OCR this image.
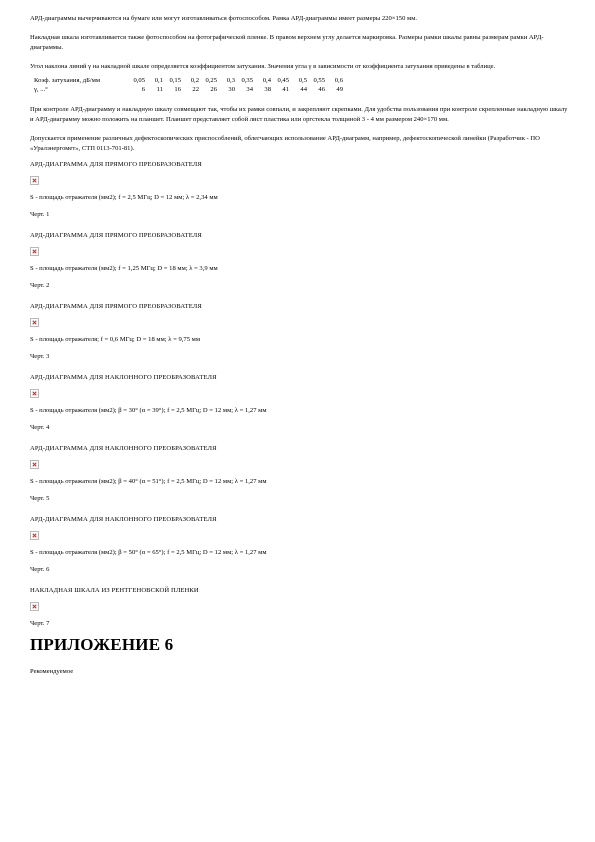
АРД-диаграммы вычерчиваются на бумаге или могут изготавливаться фотоспособом. Рамка АРД-диаграммы имеет размеры 220×150 мм.

Накладная шкала изготавливается также фотоспособом на фотографической пленке. В правом верхнем углу делается маркировка. Размеры рамки шкалы равны размерам рамки АРД-диаграммы.

Угол наклона линий γ на накладной шкале определяется коэффициентом затухания. Значения угла γ в зависимости от коэффициента затухания приведены в таблице.

Коэф. затухания, дБ/мм	0,05	0,1	0,15	0,2	0,25	0,3	0,35	0,4	0,45	0,5	0,55	0,6
γ, ...°	6	11	16	22	26	30	34	38	41	44	46	49

При контроле АРД-диаграмму и накладную шкалу совмещают так, чтобы их рамки совпали, и закрепляют скрепками. Для удобства пользования при контроле скрепленные накладную шкалу и АРД-диаграмму можно положить на планшет. Планшет представляет собой лист пластика или оргстекла толщиной 3 - 4 мм размером 240×170 мм.

Допускается применение различных дефектоскопических приспособлений, облегчающих использование АРД-диаграмм, например, дефектоскопической линейки (Разработчик - ПО «Уралэнергомет», СТП 0113-701-81).

АРД-ДИАГРАММА ДЛЯ ПРЯМОГО ПРЕОБРАЗОВАТЕЛЯ
S - площадь отражателя (мм2); f = 2,5 МГц; D = 12 мм; λ = 2,34 мм
Черт. 1
АРД-ДИАГРАММА ДЛЯ ПРЯМОГО ПРЕОБРАЗОВАТЕЛЯ
S - площадь отражателя (мм2); f = 1,25 МГц; D = 18 мм; λ = 3,9 мм
Черт. 2
АРД-ДИАГРАММА ДЛЯ ПРЯМОГО ПРЕОБРАЗОВАТЕЛЯ
S - площадь отражателя; f = 0,6 МГц; D = 18 мм; λ = 9,75 мм
Черт. 3
АРД-ДИАГРАММА ДЛЯ НАКЛОННОГО ПРЕОБРАЗОВАТЕЛЯ
S - площадь отражателя (мм2); β = 30° (α = 39°); f = 2,5 МГц; D = 12 мм; λ = 1,27 мм
Черт. 4
АРД-ДИАГРАММА ДЛЯ НАКЛОННОГО ПРЕОБРАЗОВАТЕЛЯ
S - площадь отражателя (мм2); β = 40° (α = 51°); f = 2,5 МГц; D = 12 мм; λ = 1,27 мм
Черт. 5
АРД-ДИАГРАММА ДЛЯ НАКЛОННОГО ПРЕОБРАЗОВАТЕЛЯ
S - площадь отражателя (мм2); β = 50° (α = 65°); f = 2,5 МГц; D = 12 мм; λ = 1,27 мм
Черт. 6
НАКЛАДНАЯ ШКАЛА ИЗ РЕНТГЕНОВСКОЙ ПЛЕНКИ
Черт. 7
ПРИЛОЖЕНИЕ 6
Рекомендуемое
